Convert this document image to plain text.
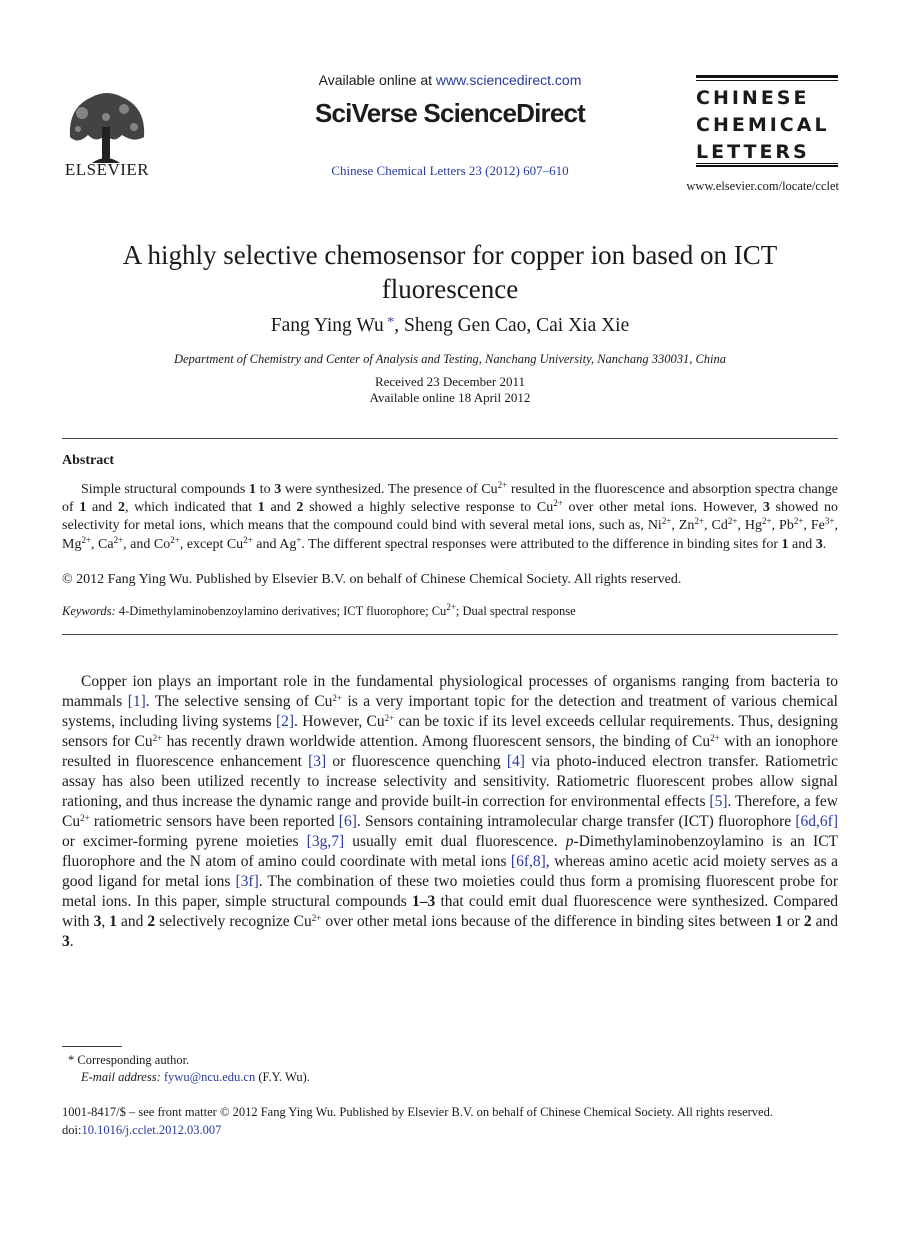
ELSEVIER
Available online at www.sciencedirect.com
SciVerse ScienceDirect
Chinese Chemical Letters 23 (2012) 607–610
CHINESE
CHEMICAL
LETTERS
www.elsevier.com/locate/cclet
A highly selective chemosensor for copper ion based on ICT fluorescence
Fang Ying Wu *, Sheng Gen Cao, Cai Xia Xie
Department of Chemistry and Center of Analysis and Testing, Nanchang University, Nanchang 330031, China
Received 23 December 2011
Available online 18 April 2012
Abstract

Simple structural compounds 1 to 3 were synthesized. The presence of $Cu^{2+}$ resulted in the fluorescence and absorption spectra change of 1 and 2, which indicated that 1 and 2 showed a highly selective response to $Cu^{2+}$ over other metal ions. However, 3 showed no selectivity for metal ions, which means that the compound could bind with several metal ions, such as, $Ni^{2+}$, $Zn^{2+}$, $Cd^{2+}$, $Hg^{2+}$, $Pb^{2+}$, $Fe^{3+}$, $Mg^{2+}$, $Ca^{2+}$, and $Co^{2+}$, except $Cu^{2+}$ and Ag+. The different spectral responses were attributed to the difference in binding sites for 1 and 3.

© 2012 Fang Ying Wu. Published by Elsevier B.V. on behalf of Chinese Chemical Society. All rights reserved.
Keywords: 4-Dimethylaminobenzoylamino derivatives; ICT fluorophore; $Cu^{2+}$; Dual spectral response

Copper ion plays an important role in the fundamental physiological processes of organisms ranging from bacteria to mammals [1]. The selective sensing of $Cu^{2+}$ is a very important topic for the detection and treatment of various chemical systems, including living systems [2]. However, $Cu^{2+}$ can be toxic if its level exceeds cellular requirements. Thus, designing sensors for $Cu^{2+}$ has recently drawn worldwide attention. Among fluorescent sensors, the binding of $Cu^{2+}$ with an ionophore resulted in fluorescence enhancement [3] or fluorescence quenching [4] via photo-induced electron transfer. Ratiometric assay has also been utilized recently to increase selectivity and sensitivity. Ratiometric fluorescent probes allow signal rationing, and thus increase the dynamic range and provide built-in correction for environmental effects [5]. Therefore, a few $Cu^{2+}$ ratiometric sensors have been reported [6]. Sensors containing intramolecular charge transfer (ICT) fluorophore [6d,6f] or excimer-forming pyrene moieties [3g,7] usually emit dual fluorescence. p-Dimethylaminobenzoylamino is an ICT fluorophore and the N atom of amino could coordinate with metal ions [6f,8], whereas amino acetic acid moiety serves as a good ligand for metal ions [3f]. The combination of these two moieties could thus form a promising fluorescent probe for metal ions. In this paper, simple structural compounds 1–3 that could emit dual fluorescence were synthesized. Compared with 3, 1 and 2 selectively recognize $Cu^{2+}$ over other metal ions because of the difference in binding sites between 1 or 2 and 3.

* Corresponding author.
E-mail address: fywu@ncu.edu.cn (F.Y. Wu).
1001-8417/$ – see front matter © 2012 Fang Ying Wu. Published by Elsevier B.V. on behalf of Chinese Chemical Society. All rights reserved.
doi:10.1016/j.cclet.2012.03.007
